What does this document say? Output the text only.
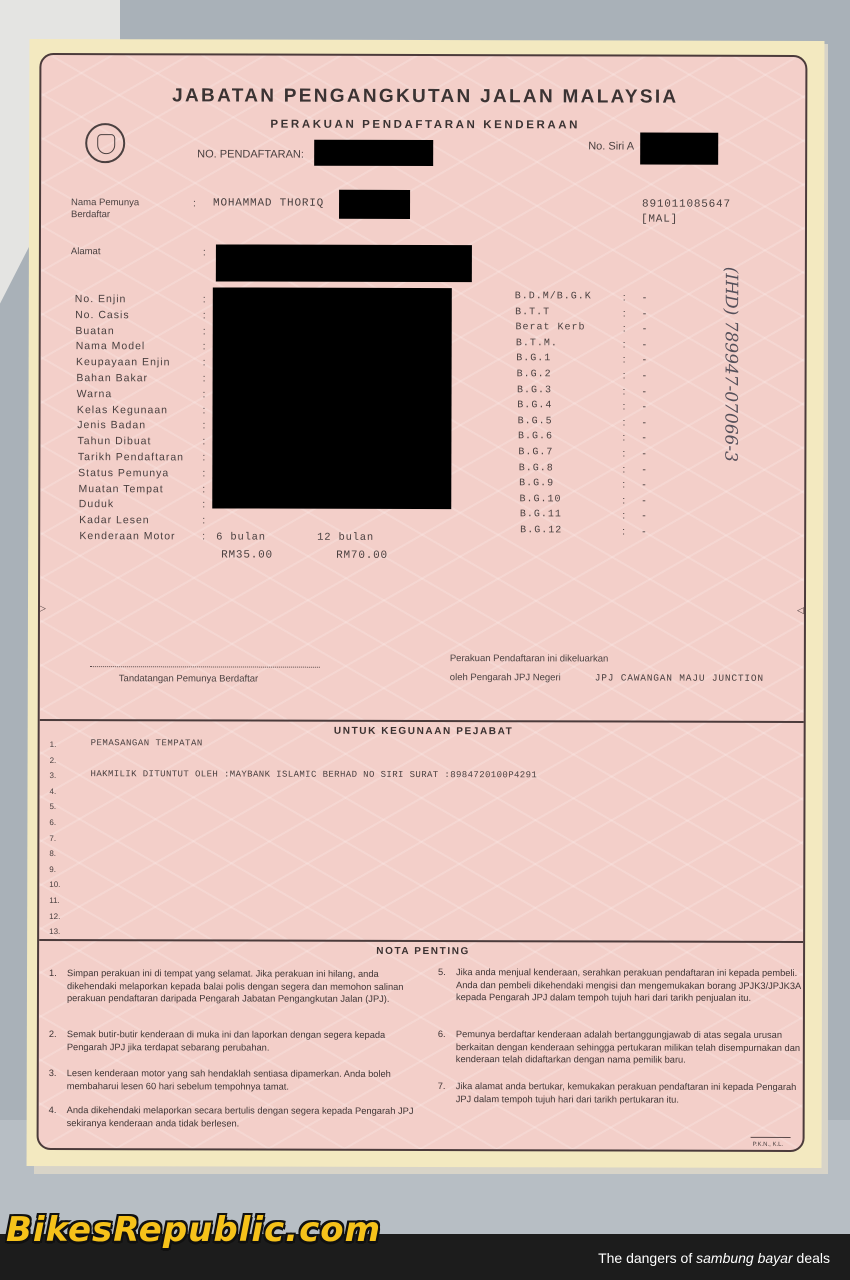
JABATAN PENGANGKUTAN JALAN MALAYSIA
PERAKUAN PENDAFTARAN KENDERAAN
NO. PENDAFTARAN:
No. Siri A
Nama Pemunya
Berdaftar
: MOHAMMAD THORIQ	891011085647
[MAL]
Alamat	:
No. Enjin	:
No. Casis	:
Buatan	:
Nama Model	:
Keupayaan Enjin	:
Bahan Bakar	:
Warna	:
Kelas Kegunaan	:
Jenis Badan	:
Tahun Dibuat	:
Tarikh Pendaftaran :
Status Pemunya	:
Muatan Tempat	:
Duduk	:
Kadar Lesen	:
Kenderaan Motor	:
B.D.M/B.G.K	: -
B.T.T	: -
Berat Kerb	: -
B.T.M.	: -
B.G.1	: -
B.G.2	: -
B.G.3	: -
B.G.4	: -
B.G.5	: -
B.G.6	: -
B.G.7	: -
B.G.8	: -
B.G.9	: -
B.G.10	: -
B.G.11	: -
B.G.12	: -
6 bulan	12 bulan
RM35.00	RM70.00
▷	◁
Tandatangan Pemunya Berdaftar
Perakuan Pendaftaran ini dikeluarkan
oleh Pengarah JPJ Negeri	JPJ CAWANGAN MAJU JUNCTION
UNTUK KEGUNAAN PEJABAT
1.
2.
3.
4.
5.
6.
7.
8.
9.
10.
11.
12.
13.
PEMASANGAN TEMPATAN
HAKMILIK DITUNTUT OLEH :MAYBANK ISLAMIC BERHAD NO SIRI SURAT :8984720100P4291
NOTA PENTING
1. Simpan perakuan ini di tempat yang selamat. Jika perakuan ini hilang, anda dikehendaki melaporkan kepada balai polis dengan segera dan memohon salinan perakuan pendaftaran daripada Pengarah Jabatan Pengangkutan Jalan (JPJ).
2. Semak butir-butir kenderaan di muka ini dan laporkan dengan segera kepada Pengarah JPJ jika terdapat sebarang perubahan.
3. Lesen kenderaan motor yang sah hendaklah sentiasa dipamerkan. Anda boleh membaharui lesen 60 hari sebelum tempohnya tamat.
4. Anda dikehendaki melaporkan secara bertulis dengan segera kepada Pengarah JPJ sekiranya kenderaan anda tidak berlesen.
5. Jika anda menjual kenderaan, serahkan perakuan pendaftaran ini kepada pembeli. Anda dan pembeli dikehendaki mengisi dan mengemukakan borang JPJK3/JPJK3A kepada Pengarah JPJ dalam tempoh tujuh hari dari tarikh penjualan itu.
6. Pemunya berdaftar kenderaan adalah bertanggungjawab di atas segala urusan berkaitan dengan kenderaan sehingga pertukaran milikan telah disempurnakan dan kenderaan telah didaftarkan dengan nama pemilik baru.
7. Jika alamat anda bertukar, kemukakan perakuan pendaftaran ini kepada Pengarah JPJ dalam tempoh tujuh hari dari tarikh pertukaran itu.
P.K.N., K.L.
(IHD) 789947-07066-3
BikesRepublic.com
The dangers of sambung bayar deals
